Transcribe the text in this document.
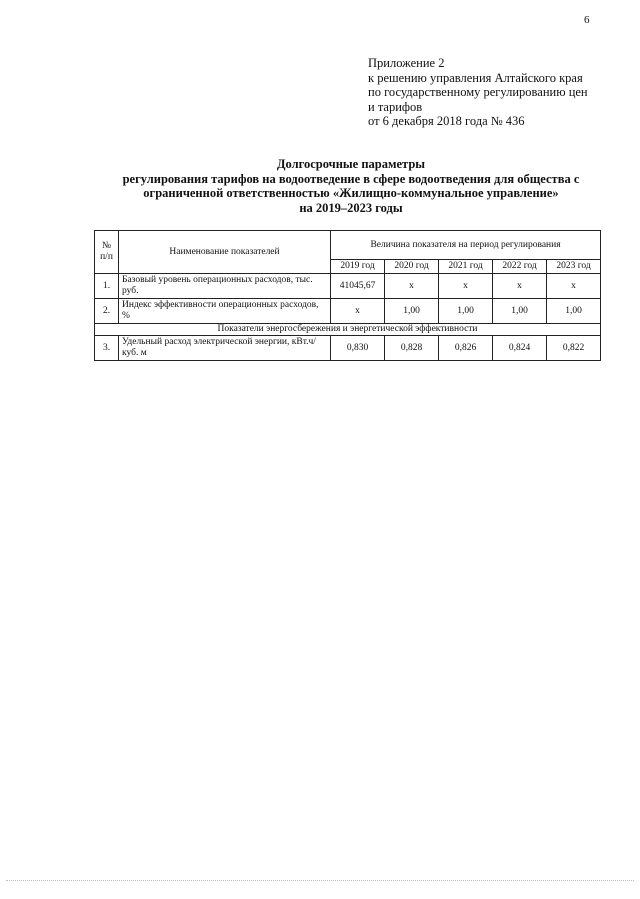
6
Приложение 2
к решению управления Алтайского края
по государственному регулированию цен
и тарифов
от 6 декабря 2018 года № 436
Долгосрочные параметры
регулирования тарифов на водоотведение в сфере водоотведения для общества с
ограниченной ответственностью «Жилищно-коммунальное управление»
на 2019–2023 годы
№ п/п	Наименование показателей	Величина показателя на период регулирования				
		2019 год	2020 год	2021 год	2022 год	2023 год
1.	Базовый уровень операционных расходов, тыс. руб.	41045,67	х	х	х	х
2.	Индекс эффективности операционных расходов, %	х	1,00	1,00	1,00	1,00
Показатели энергосбережения и энергетической эффективности						
3.	Удельный расход электрической энергии, кВт.ч/куб. м	0,830	0,828	0,826	0,824	0,822
